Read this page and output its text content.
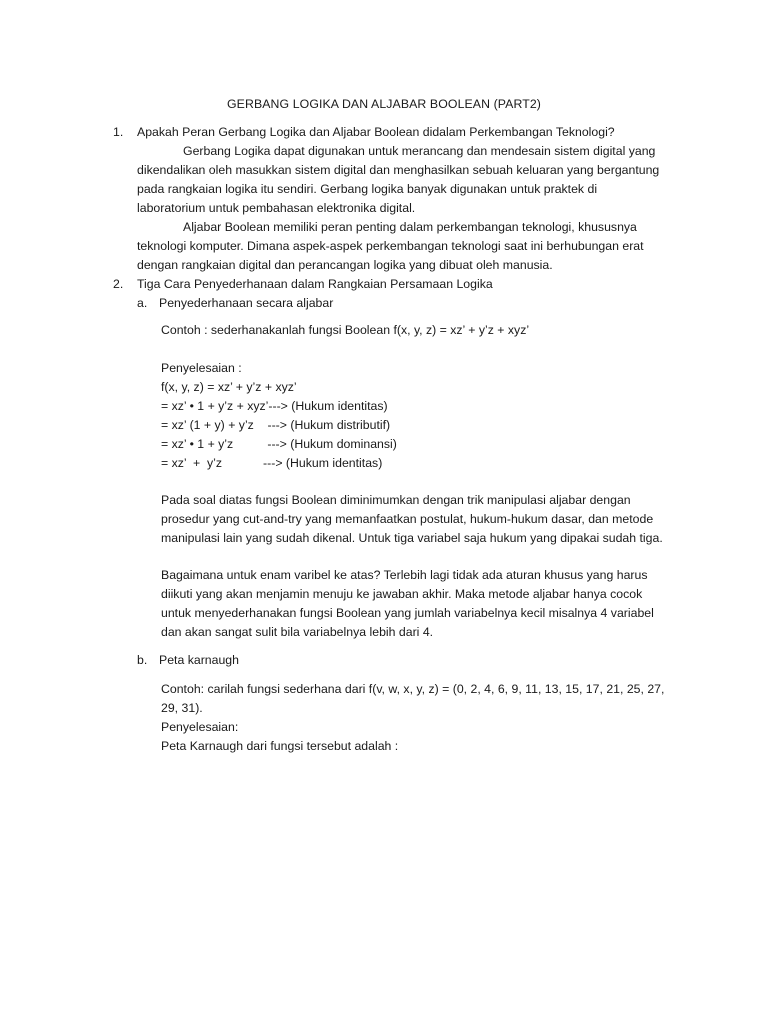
GERBANG LOGIKA DAN ALJABAR BOOLEAN (PART2)
1. Apakah Peran Gerbang Logika dan Aljabar Boolean didalam Perkembangan Teknologi?
Gerbang Logika dapat digunakan untuk merancang dan mendesain sistem digital yang
dikendalikan oleh masukkan sistem digital dan menghasilkan sebuah keluaran yang bergantung
pada rangkaian logika itu sendiri. Gerbang logika banyak digunakan untuk praktek di
laboratorium untuk pembahasan elektronika digital.
Aljabar Boolean memiliki peran penting dalam perkembangan teknologi, khususnya
teknologi komputer. Dimana aspek-aspek perkembangan teknologi saat ini berhubungan erat
dengan rangkaian digital dan perancangan logika yang dibuat oleh manusia.
2. Tiga Cara Penyederhanaan dalam Rangkaian Persamaan Logika
a. Penyederhanaan secara aljabar
Contoh : sederhanakanlah fungsi Boolean f(x, y, z) = xz’ + y’z + xyz’
Penyelesaian :
f(x, y, z) = xz’ + y’z + xyz’
= xz’ • 1 + y’z + xyz’---> (Hukum identitas)
= xz’ (1 + y) + y’z    ---> (Hukum distributif)
= xz’ • 1 + y’z          ---> (Hukum dominansi)
= xz’  +  y’z            ---> (Hukum identitas)
Pada soal diatas fungsi Boolean diminimumkan dengan trik manipulasi aljabar dengan
prosedur yang cut-and-try yang memanfaatkan postulat, hukum-hukum dasar, dan metode
manipulasi lain yang sudah dikenal. Untuk tiga variabel saja hukum yang dipakai sudah tiga.
Bagaimana untuk enam varibel ke atas? Terlebih lagi tidak ada aturan khusus yang harus
diikuti yang akan menjamin menuju ke jawaban akhir. Maka metode aljabar hanya cocok
untuk menyederhanakan fungsi Boolean yang jumlah variabelnya kecil misalnya 4 variabel
dan akan sangat sulit bila variabelnya lebih dari 4.
b. Peta karnaugh
Contoh: carilah fungsi sederhana dari f(v, w, x, y, z) = (0, 2, 4, 6, 9, 11, 13, 15, 17, 21, 25, 27,
29, 31).
Penyelesaian:
Peta Karnaugh dari fungsi tersebut adalah :
